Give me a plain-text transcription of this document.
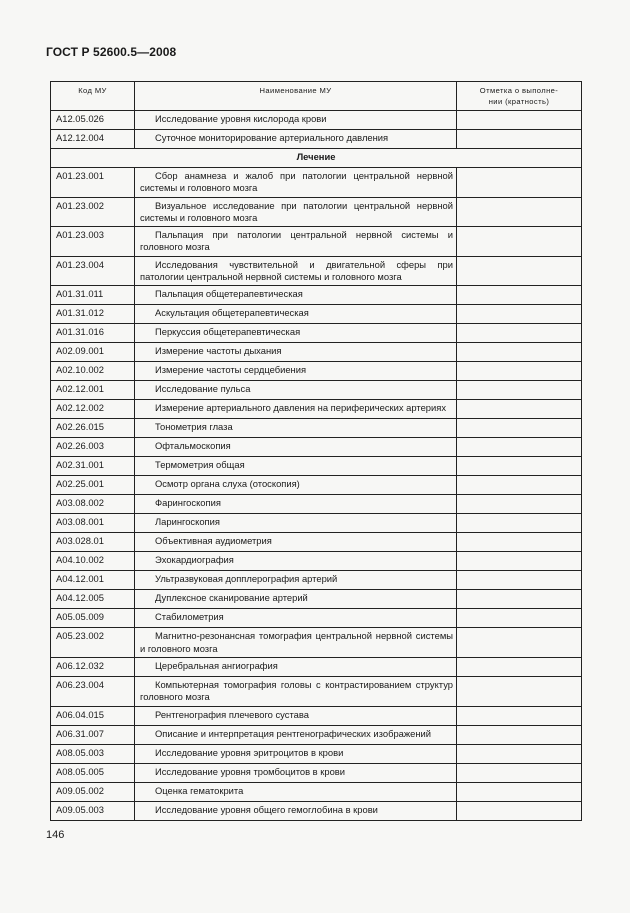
ГОСТ Р 52600.5—2008
Код МУ	Наименование МУ	Отметка о выполне-
нии (кратность)

A12.05.026	Исследование уровня кислорода крови	

A12.12.004	Суточное мониторирование артериального давления	

Лечение		
A01.23.001	Сбор анамнеза и жалоб при патологии центральной нервной системы и головного мозга	

A01.23.002	Визуальное исследование при патологии центральной нервной системы и головного мозга	

A01.23.003	Пальпация при патологии центральной нервной системы и головного мозга	

A01.23.004	Исследования чувствительной и двигательной сферы при патологии центральной нервной системы и головного мозга	

A01.31.011	Пальпация общетерапевтическая	

A01.31.012	Аскультация общетерапевтическая	

A01.31.016	Перкуссия общетерапевтическая	

A02.09.001	Измерение частоты дыхания	

A02.10.002	Измерение частоты сердцебиения	

A02.12.001	Исследование пульса	

A02.12.002	Измерение артериального давления на периферических артериях	

A02.26.015	Тонометрия глаза	

A02.26.003	Офтальмоскопия	

A02.31.001	Термометрия общая	

A02.25.001	Осмотр органа слуха (отоскопия)	

A03.08.002	Фарингоскопия	

A03.08.001	Ларингоскопия	

A03.028.01	Объективная аудиометрия	

A04.10.002	Эхокардиография	

A04.12.001	Ультразвуковая допплерография артерий	

A04.12.005	Дуплексное сканирование артерий	

A05.05.009	Стабилометрия	

A05.23.002	Магнитно-резонансная томография центральной нервной системы и головного мозга	

A06.12.032	Церебральная ангиография	

A06.23.004	Компьютерная томография головы с контрастированием структур головного мозга	

A06.04.015	Рентгенография плечевого сустава	

A06.31.007	Описание и интерпретация рентгенографических изображений	

A08.05.003	Исследование уровня эритроцитов в крови	

A08.05.005	Исследование уровня тромбоцитов в крови	

A09.05.002	Оценка гематокрита	

A09.05.003	Исследование уровня общего гемоглобина в крови	

146
